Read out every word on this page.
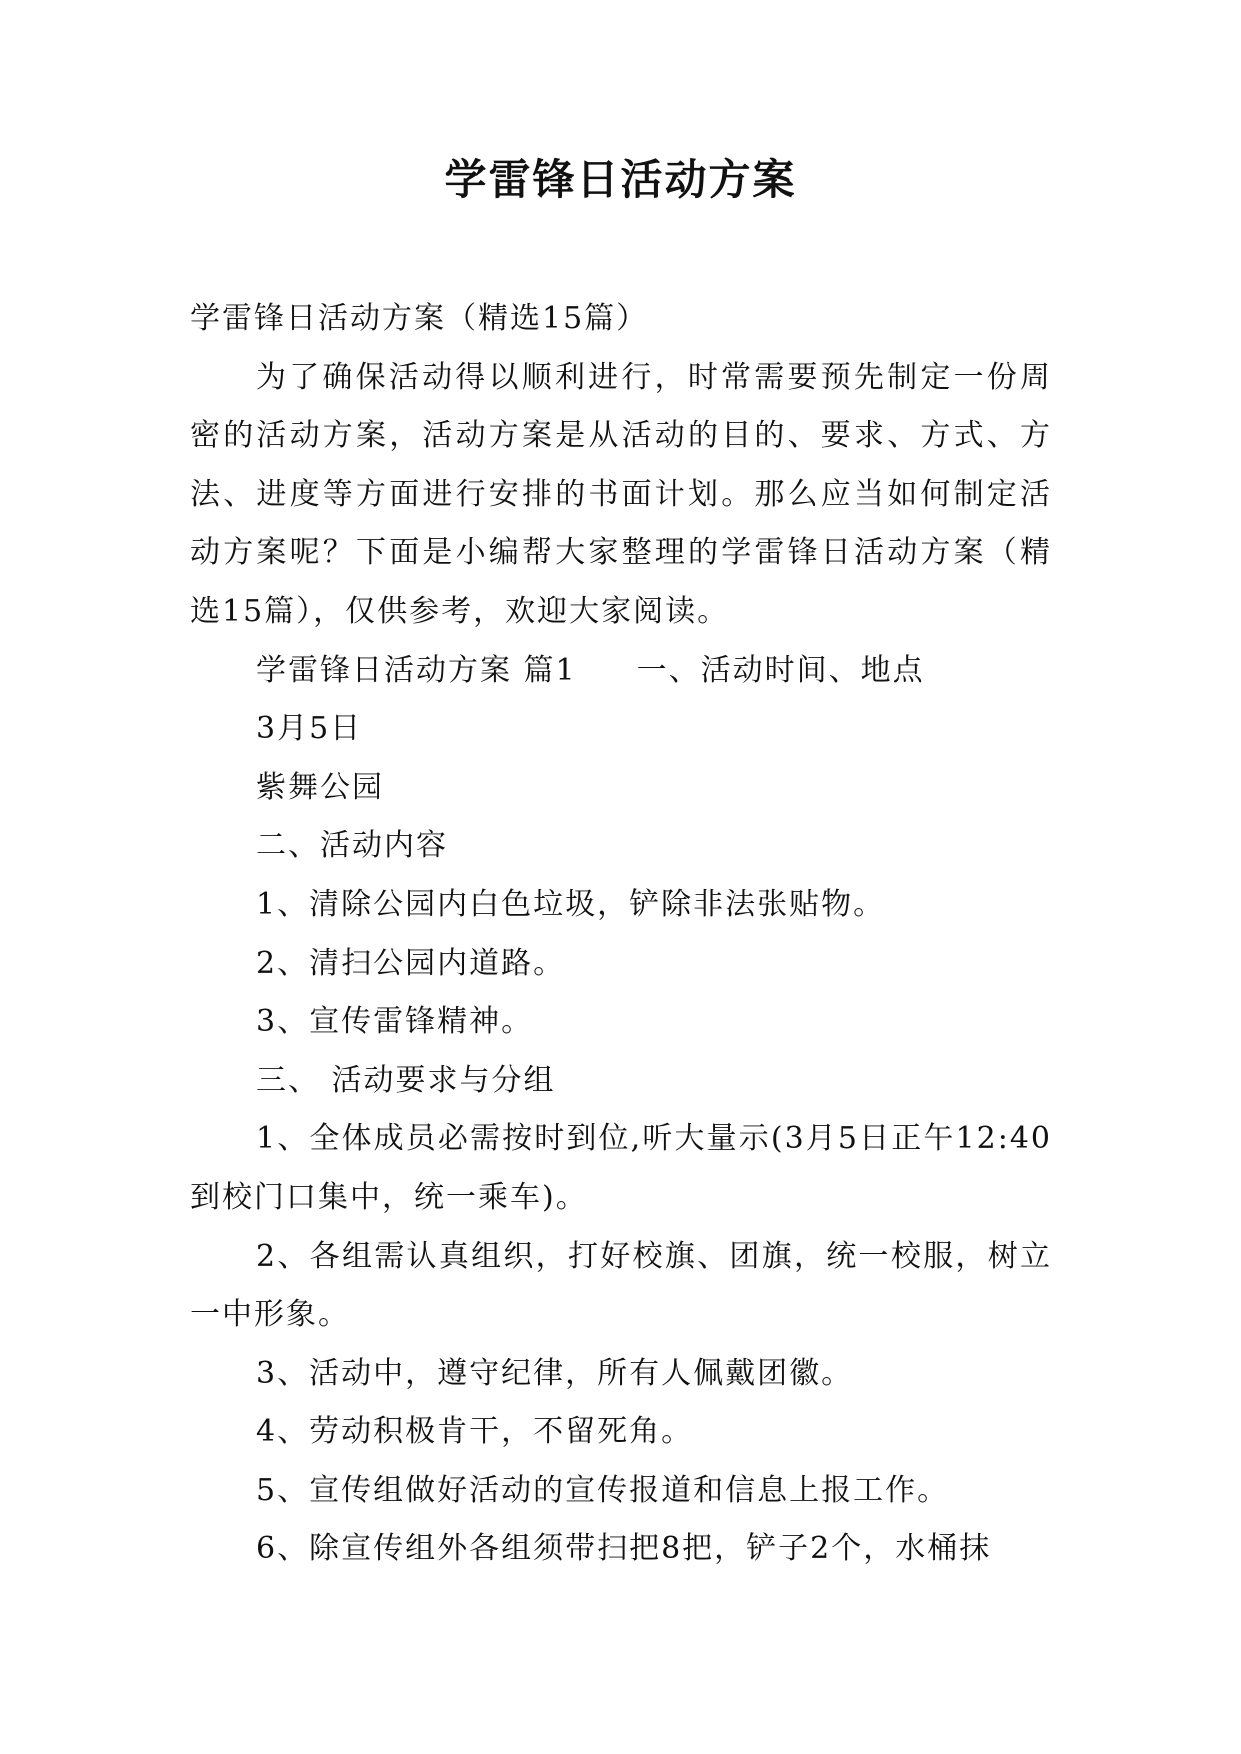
学雷锋日活动方案

学雷锋日活动方案（精选15篇）

为了确保活动得以顺利进行，时常需要预先制定一份周密的活动方案，活动方案是从活动的目的、要求、方式、方法、进度等方面进行安排的书面计划。那么应当如何制定活动方案呢？下面是小编帮大家整理的学雷锋日活动方案（精选15篇），仅供参考，欢迎大家阅读。

学雷锋日活动方案 篇1 一、活动时间、地点

3月5日

紫舞公园

二、活动内容

1、清除公园内白色垃圾，铲除非法张贴物。

2、清扫公园内道路。

3、宣传雷锋精神。

三、 活动要求与分组

1、全体成员必需按时到位,听大量示(3月5日正午12:40到校门口集中，统一乘车)。

2、各组需认真组织，打好校旗、团旗，统一校服，树立一中形象。

3、活动中，遵守纪律，所有人佩戴团徽。

4、劳动积极肯干，不留死角。

5、宣传组做好活动的宣传报道和信息上报工作。

6、除宣传组外各组须带扫把8把，铲子2个，水桶抹
